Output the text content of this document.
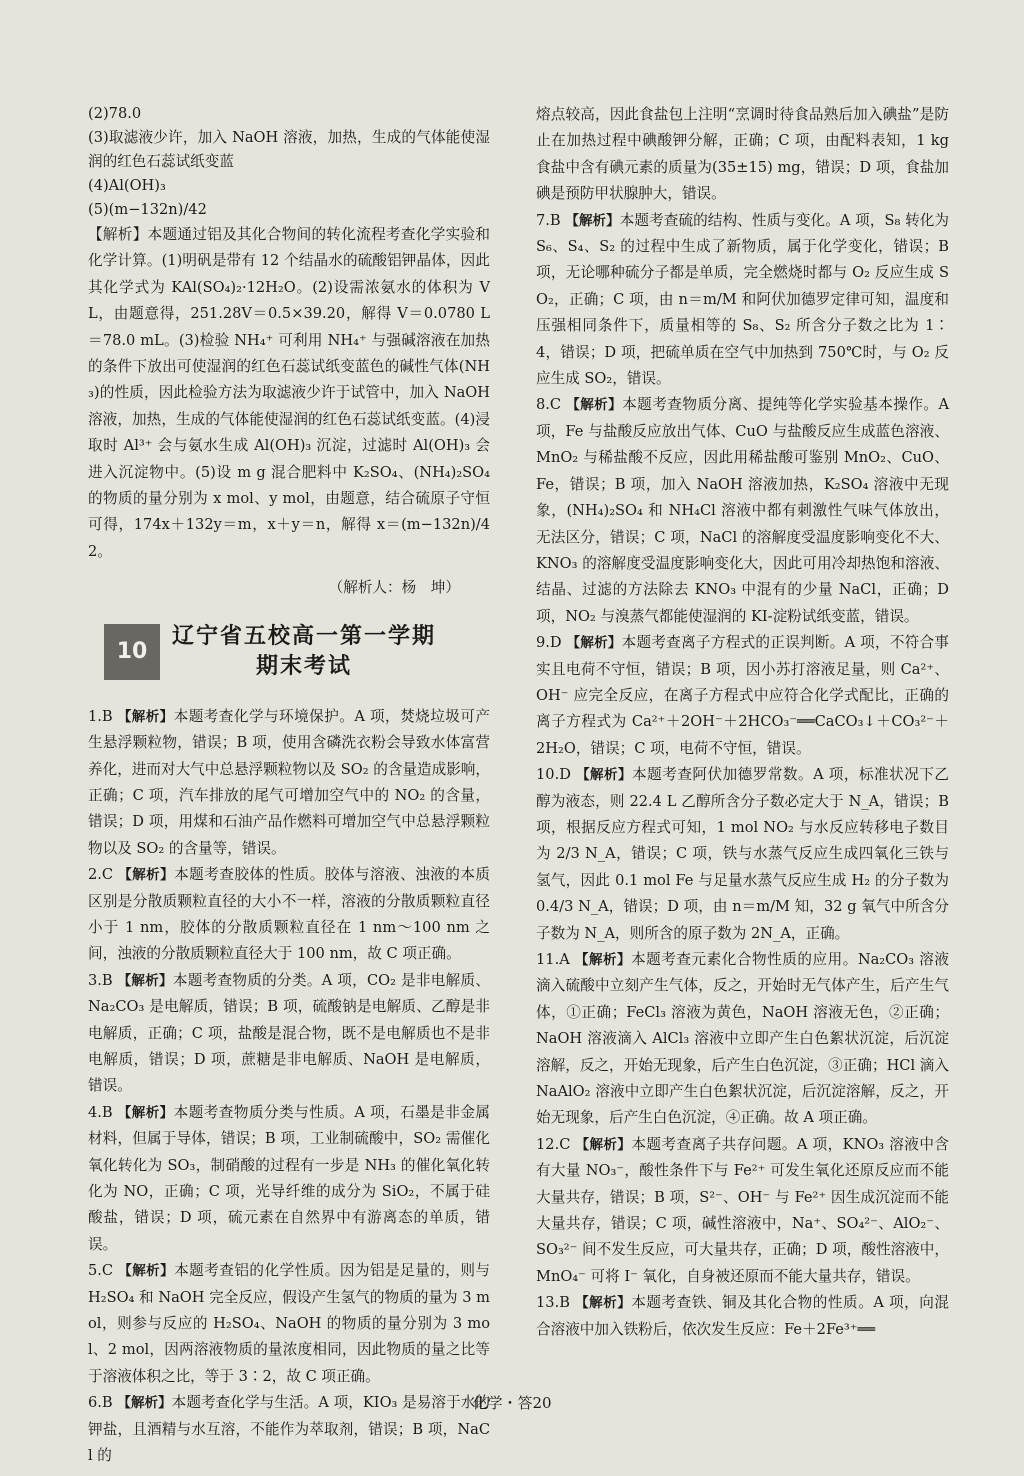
(2)78.0

(3)取滤液少许，加入 NaOH 溶液，加热，生成的气体能使湿润的红色石蕊试纸变蓝

(4)Al(OH)₃

(5)(m−132n)/42

【解析】本题通过铝及其化合物间的转化流程考查化学实验和化学计算。(1)明矾是带有 12 个结晶水的硫酸铝钾晶体，因此其化学式为 KAl(SO₄)₂·12H₂O。(2)设需浓氨水的体积为 V L，由题意得，251.28V＝0.5×39.20，解得 V＝0.0780 L＝78.0 mL。(3)检验 NH₄⁺ 可利用 NH₄⁺ 与强碱溶液在加热的条件下放出可使湿润的红色石蕊试纸变蓝色的碱性气体(NH₃)的性质，因此检验方法为取滤液少许于试管中，加入 NaOH 溶液，加热，生成的气体能使湿润的红色石蕊试纸变蓝。(4)浸取时 Al³⁺ 会与氨水生成 Al(OH)₃ 沉淀，过滤时 Al(OH)₃ 会进入沉淀物中。(5)设 m g 混合肥料中 K₂SO₄、(NH₄)₂SO₄ 的物质的量分别为 x mol、y mol，由题意，结合硫原子守恒可得，174x＋132y＝m，x＋y＝n，解得 x＝(m−132n)/42。

（解析人：杨　坤）

10
辽宁省五校高一第一学期
期末考试

1.B 【解析】本题考查化学与环境保护。A 项，焚烧垃圾可产生悬浮颗粒物，错误；B 项，使用含磷洗衣粉会导致水体富营养化，进而对大气中总悬浮颗粒物以及 SO₂ 的含量造成影响，正确；C 项，汽车排放的尾气可增加空气中的 NO₂ 的含量，错误；D 项，用煤和石油产品作燃料可增加空气中总悬浮颗粒物以及 SO₂ 的含量等，错误。

2.C 【解析】本题考查胶体的性质。胶体与溶液、浊液的本质区别是分散质颗粒直径的大小不一样，溶液的分散质颗粒直径小于 1 nm，胶体的分散质颗粒直径在 1 nm～100 nm 之间，浊液的分散质颗粒直径大于 100 nm，故 C 项正确。

3.B 【解析】本题考查物质的分类。A 项，CO₂ 是非电解质、Na₂CO₃ 是电解质，错误；B 项，硫酸钠是电解质、乙醇是非电解质，正确；C 项，盐酸是混合物，既不是电解质也不是非电解质，错误；D 项，蔗糖是非电解质、NaOH 是电解质，错误。

4.B 【解析】本题考查物质分类与性质。A 项，石墨是非金属材料，但属于导体，错误；B 项，工业制硫酸中，SO₂ 需催化氧化转化为 SO₃，制硝酸的过程有一步是 NH₃ 的催化氧化转化为 NO，正确；C 项，光导纤维的成分为 SiO₂，不属于硅酸盐，错误；D 项，硫元素在自然界中有游离态的单质，错误。

5.C 【解析】本题考查铝的化学性质。因为铝是足量的，则与 H₂SO₄ 和 NaOH 完全反应，假设产生氢气的物质的量为 3 mol，则参与反应的 H₂SO₄、NaOH 的物质的量分别为 3 mol、2 mol，因两溶液物质的量浓度相同，因此物质的量之比等于溶液体积之比，等于 3∶2，故 C 项正确。

6.B 【解析】本题考查化学与生活。A 项，KIO₃ 是易溶于水的钾盐，且酒精与水互溶，不能作为萃取剂，错误；B 项，NaCl 的

熔点较高，因此食盐包上注明“烹调时待食品熟后加入碘盐”是防止在加热过程中碘酸钾分解，正确；C 项，由配料表知，1 kg 食盐中含有碘元素的质量为(35±15) mg，错误；D 项，食盐加碘是预防甲状腺肿大，错误。

7.B 【解析】本题考查硫的结构、性质与变化。A 项，S₈ 转化为 S₆、S₄、S₂ 的过程中生成了新物质，属于化学变化，错误；B 项，无论哪种硫分子都是单质，完全燃烧时都与 O₂ 反应生成 SO₂，正确；C 项，由 n＝m/M 和阿伏加德罗定律可知，温度和压强相同条件下，质量相等的 S₈、S₂ 所含分子数之比为 1∶4，错误；D 项，把硫单质在空气中加热到 750℃时，与 O₂ 反应生成 SO₂，错误。

8.C 【解析】本题考查物质分离、提纯等化学实验基本操作。A 项，Fe 与盐酸反应放出气体、CuO 与盐酸反应生成蓝色溶液、MnO₂ 与稀盐酸不反应，因此用稀盐酸可鉴别 MnO₂、CuO、Fe，错误；B 项，加入 NaOH 溶液加热，K₂SO₄ 溶液中无现象，(NH₄)₂SO₄ 和 NH₄Cl 溶液中都有刺激性气味气体放出，无法区分，错误；C 项，NaCl 的溶解度受温度影响变化不大、KNO₃ 的溶解度受温度影响变化大，因此可用冷却热饱和溶液、结晶、过滤的方法除去 KNO₃ 中混有的少量 NaCl，正确；D 项，NO₂ 与溴蒸气都能使湿润的 KI-淀粉试纸变蓝，错误。

9.D 【解析】本题考查离子方程式的正误判断。A 项，不符合事实且电荷不守恒，错误；B 项，因小苏打溶液足量，则 Ca²⁺、OH⁻ 应完全反应，在离子方程式中应符合化学式配比，正确的离子方程式为 Ca²⁺＋2OH⁻＋2HCO₃⁻══CaCO₃↓＋CO₃²⁻＋2H₂O，错误；C 项，电荷不守恒，错误。

10.D 【解析】本题考查阿伏加德罗常数。A 项，标准状况下乙醇为液态，则 22.4 L 乙醇所含分子数必定大于 N_A，错误；B 项，根据反应方程式可知，1 mol NO₂ 与水反应转移电子数目为 2/3 N_A，错误；C 项，铁与水蒸气反应生成四氧化三铁与氢气，因此 0.1 mol Fe 与足量水蒸气反应生成 H₂ 的分子数为 0.4/3 N_A，错误；D 项，由 n＝m/M 知，32 g 氧气中所含分子数为 N_A，则所含的原子数为 2N_A，正确。

11.A 【解析】本题考查元素化合物性质的应用。Na₂CO₃ 溶液滴入硫酸中立刻产生气体，反之，开始时无气体产生，后产生气体，①正确；FeCl₃ 溶液为黄色，NaOH 溶液无色，②正确；NaOH 溶液滴入 AlCl₃ 溶液中立即产生白色絮状沉淀，后沉淀溶解，反之，开始无现象，后产生白色沉淀，③正确；HCl 滴入 NaAlO₂ 溶液中立即产生白色絮状沉淀，后沉淀溶解，反之，开始无现象，后产生白色沉淀，④正确。故 A 项正确。

12.C 【解析】本题考查离子共存问题。A 项，KNO₃ 溶液中含有大量 NO₃⁻，酸性条件下与 Fe²⁺ 可发生氧化还原反应而不能大量共存，错误；B 项，S²⁻、OH⁻ 与 Fe²⁺ 因生成沉淀而不能大量共存，错误；C 项，碱性溶液中，Na⁺、SO₄²⁻、AlO₂⁻、SO₃²⁻ 间不发生反应，可大量共存，正确；D 项，酸性溶液中，MnO₄⁻ 可将 I⁻ 氧化，自身被还原而不能大量共存，错误。

13.B 【解析】本题考查铁、铜及其化合物的性质。A 项，向混合溶液中加入铁粉后，依次发生反应：Fe＋2Fe³⁺══

化学・答20
